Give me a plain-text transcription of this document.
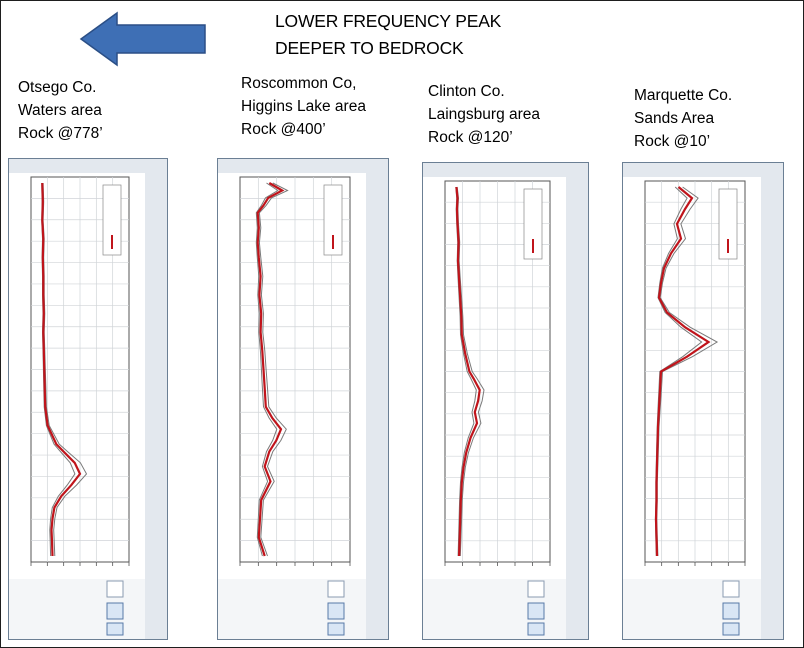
LOWER FREQUENCY PEAK
DEEPER TO BEDROCK
Otsego Co.
Waters area
Rock @778’
Roscommon Co,
Higgins Lake area
Rock @400’
Clinton Co.
Laingsburg area
Rock @120’
Marquette Co.
Sands Area
Rock @10’
